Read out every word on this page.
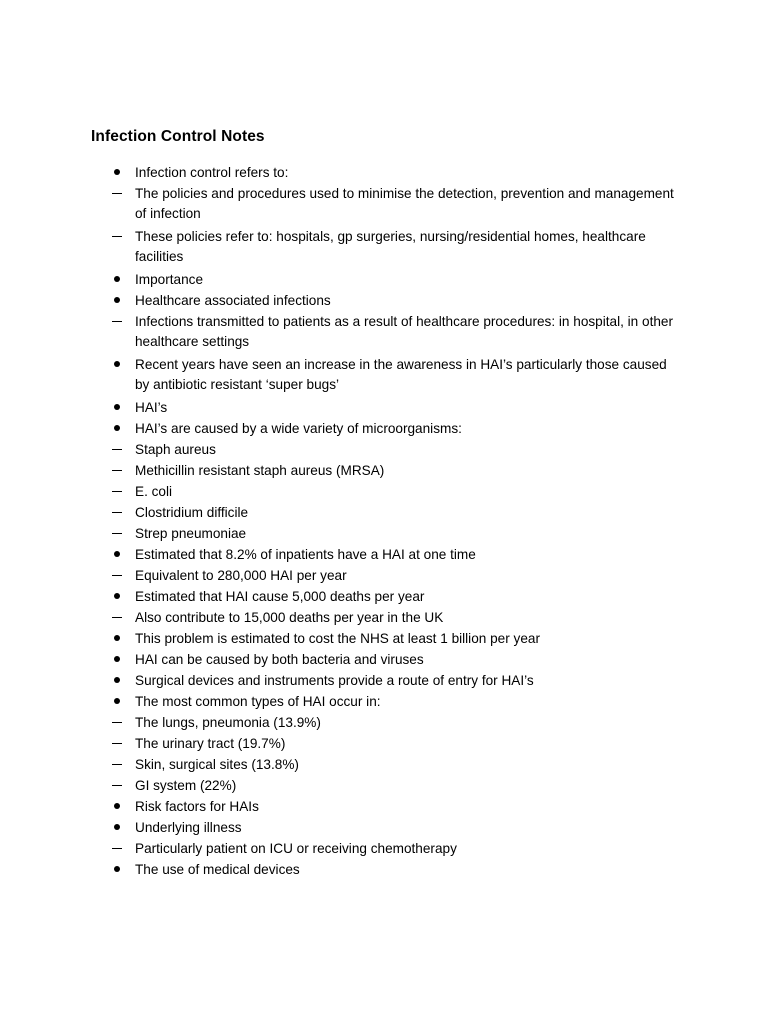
Infection Control Notes
Infection control refers to:
The policies and procedures used to minimise the detection, prevention and management of infection
These policies refer to: hospitals, gp surgeries, nursing/residential homes, healthcare facilities
Importance
Healthcare associated infections
Infections transmitted to patients as a result of healthcare procedures: in hospital, in other healthcare settings
Recent years have seen an increase in the awareness in HAI’s particularly those caused by antibiotic resistant ‘super bugs’
HAI’s
HAI’s are caused by a wide variety of microorganisms:
Staph aureus
Methicillin resistant staph aureus (MRSA)
E. coli
Clostridium difficile
Strep pneumoniae
Estimated that 8.2% of inpatients have a HAI at one time
Equivalent to 280,000 HAI per year
Estimated that HAI cause 5,000 deaths per year
Also contribute to 15,000 deaths per year in the UK
This problem is estimated to cost the NHS at least 1 billion per year
HAI can be caused by both bacteria and viruses
Surgical devices and instruments provide a route of entry for HAI’s
The most common types of HAI occur in:
The lungs, pneumonia (13.9%)
The urinary tract (19.7%)
Skin, surgical sites (13.8%)
GI system (22%)
Risk factors for HAIs
Underlying illness
Particularly patient on ICU or receiving chemotherapy
The use of medical devices
